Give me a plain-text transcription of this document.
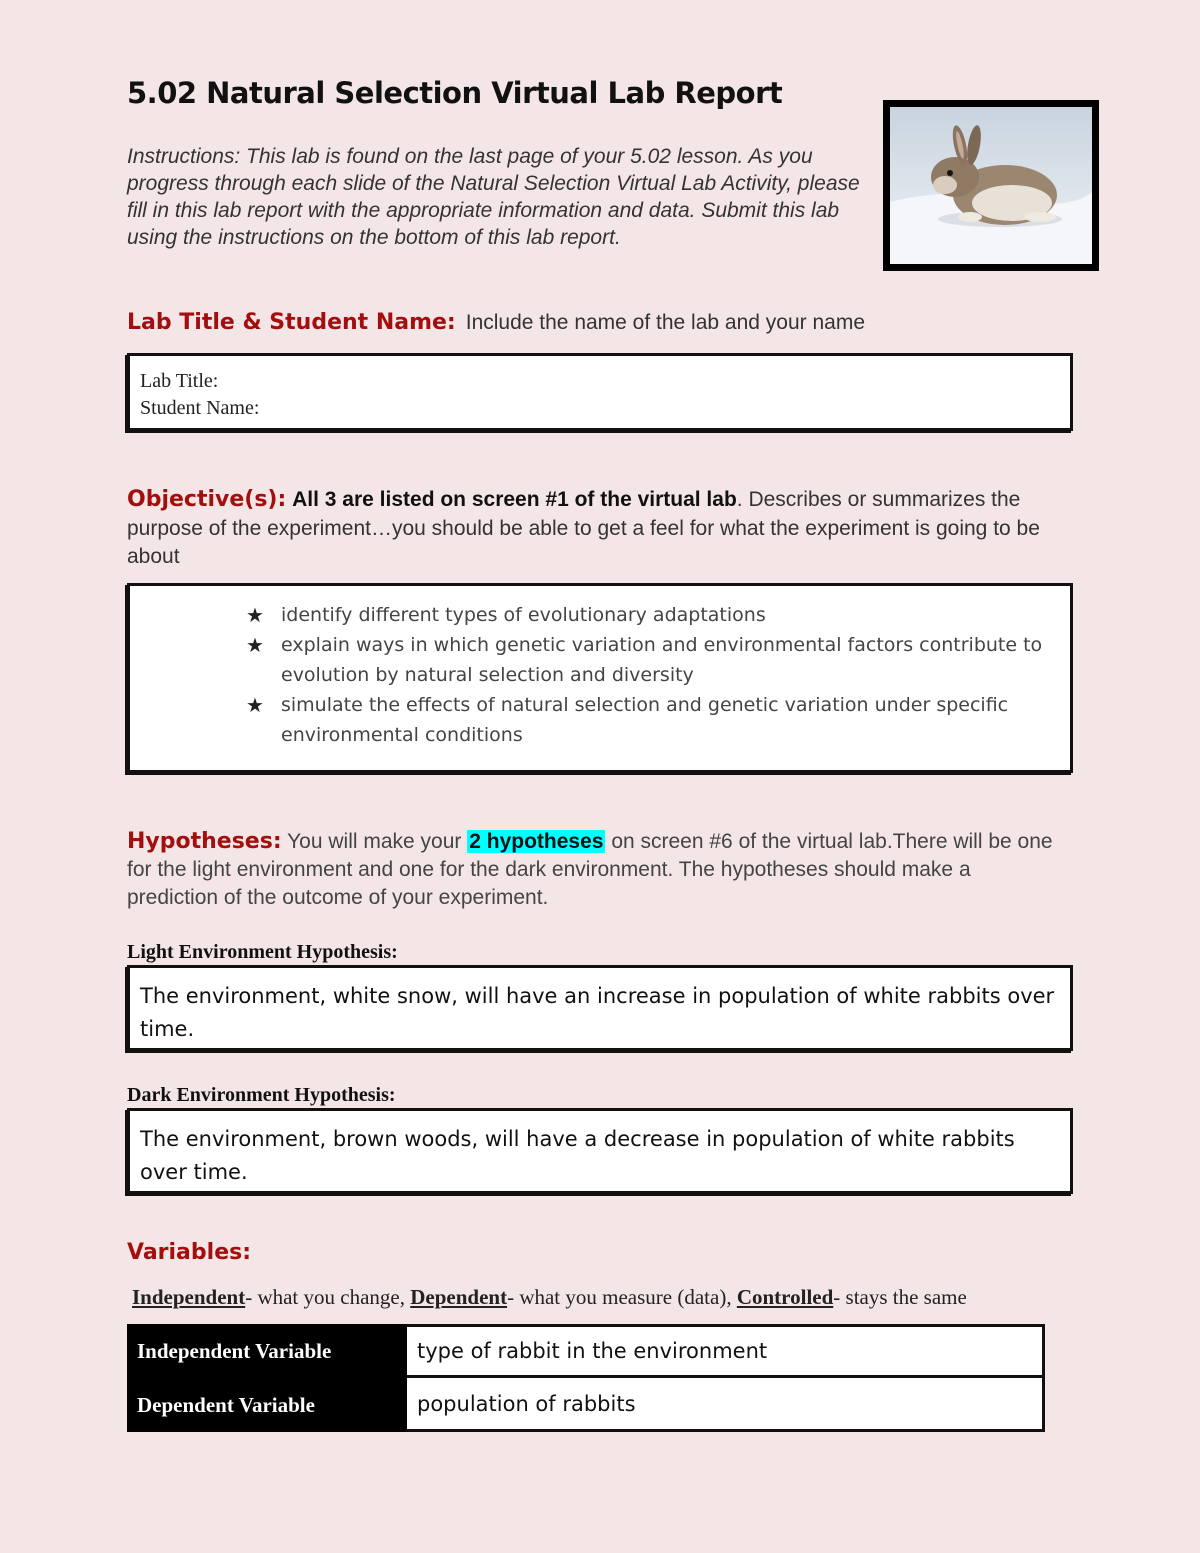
5.02 Natural Selection Virtual Lab Report
Instructions: This lab is found on the last page of your 5.02 lesson. As you progress through each slide of the Natural Selection Virtual Lab Activity, please fill in this lab report with the appropriate information and data. Submit this lab using the instructions on the bottom of this lab report.
Lab Title & Student Name: Include the name of the lab and your name
Lab Title:
Student Name:
Objective(s): All 3 are listed on screen #1 of the virtual lab. Describes or summarizes the purpose of the experiment…you should be able to get a feel for what the experiment is going to be about
★ identify different types of evolutionary adaptations
★ explain ways in which genetic variation and environmental factors contribute to evolution by natural selection and diversity
★ simulate the effects of natural selection and genetic variation under specific environmental conditions
Hypotheses: You will make your 2 hypotheses on screen #6 of the virtual lab.There will be one for the light environment and one for the dark environment. The hypotheses should make a prediction of the outcome of your experiment.
Light Environment Hypothesis:
The environment, white snow, will have an increase in population of white rabbits over time.
Dark Environment Hypothesis:
The environment, brown woods, will have a decrease in population of white rabbits over time.
Variables:
Independent- what you change, Dependent- what you measure (data), Controlled- stays the same
Independent Variable	type of rabbit in the environment
Dependent Variable	population of rabbits
